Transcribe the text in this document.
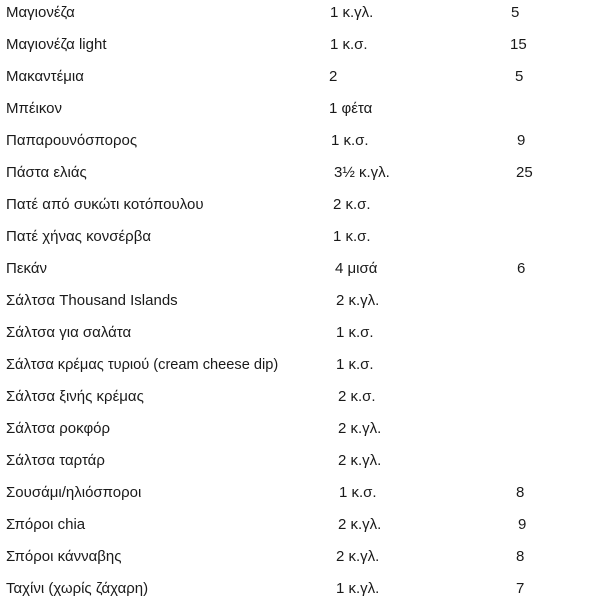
Μαγιονέζα	1 κ.γλ.	5
Μαγιονέζα light	1 κ.σ.	15
Μακαντέμια	2	5
Μπέικον	1 φέτα
Παπαρουνόσπορος	1 κ.σ.	9
Πάστα ελιάς	3½ κ.γλ.	25
Πατέ από συκώτι κοτόπουλου	2 κ.σ.
Πατέ χήνας κονσέρβα	1 κ.σ.
Πεκάν	4 μισά	6
Σάλτσα Thousand Islands	2 κ.γλ.
Σάλτσα για σαλάτα	1 κ.σ.
Σάλτσα κρέμας τυριού (cream cheese dip)	1 κ.σ.
Σάλτσα ξινής κρέμας	2 κ.σ.
Σάλτσα ροκφόρ	2 κ.γλ.
Σάλτσα ταρτάρ	2 κ.γλ.
Σουσάμι/ηλιόσποροι	1 κ.σ.	8
Σπόροι chia	2 κ.γλ.	9
Σπόροι κάνναβης	2 κ.γλ.	8
Ταχίνι (χωρίς ζάχαρη)	1 κ.γλ.	7
